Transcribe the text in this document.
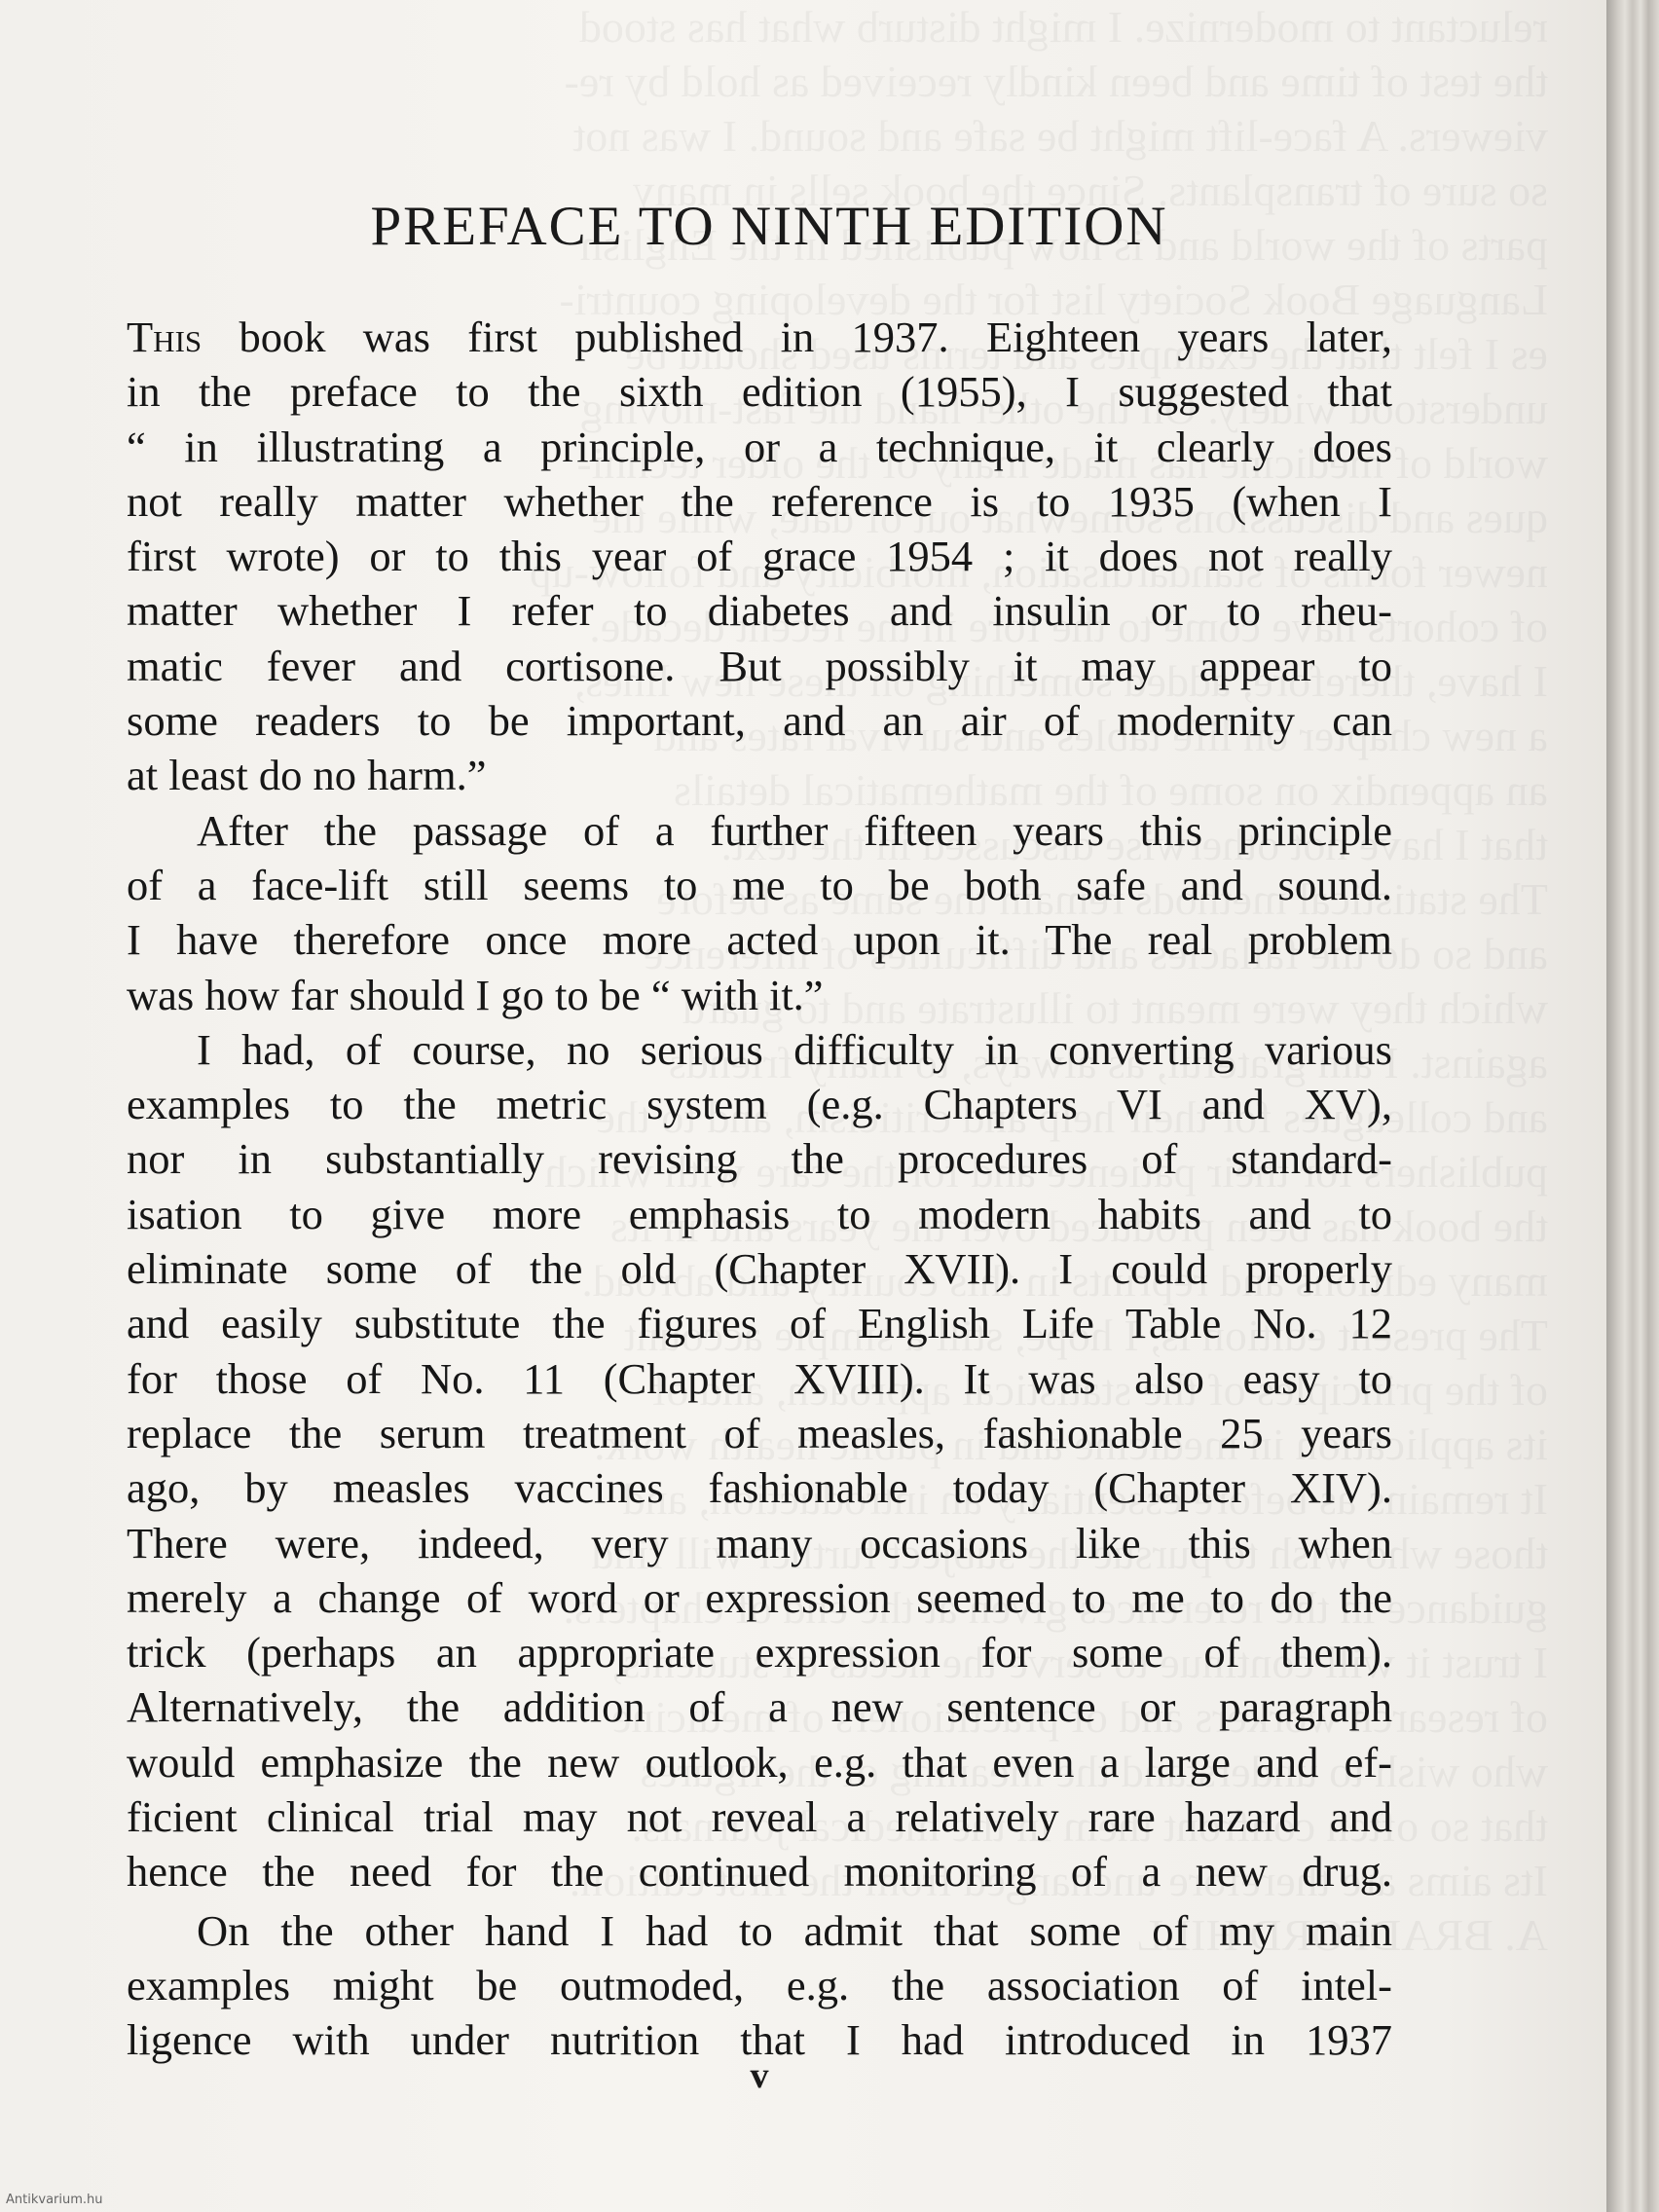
PREFACE TO NINTH EDITION

This book was first published in 1937. Eighteen years later,
in the preface to the sixth edition (1955), I suggested that
“ in illustrating a principle, or a technique, it clearly does
not really matter whether the reference is to 1935 (when I
first wrote) or to this year of grace 1954 ; it does not really
matter whether I refer to diabetes and insulin or to rheu-
matic fever and cortisone. But possibly it may appear to
some readers to be important, and an air of modernity can
at least do no harm.”

After the passage of a further fifteen years this principle
of a face-lift still seems to me to be both safe and sound.
I have therefore once more acted upon it. The real problem
was how far should I go to be “ with it.”

I had, of course, no serious difficulty in converting various
examples to the metric system (e.g. Chapters VI and XV),
nor in substantially revising the procedures of standard-
isation to give more emphasis to modern habits and to
eliminate some of the old (Chapter XVII). I could properly
and easily substitute the figures of English Life Table No. 12
for those of No. 11 (Chapter XVIII). It was also easy to
replace the serum treatment of measles, fashionable 25 years
ago, by measles vaccines fashionable today (Chapter XIV).
There were, indeed, very many occasions like this when
merely a change of word or expression seemed to me to do the
trick (perhaps an appropriate expression for some of them).
Alternatively, the addition of a new sentence or paragraph
would emphasize the new outlook, e.g. that even a large and ef-
ficient clinical trial may not reveal a relatively rare hazard and
hence the need for the continued monitoring of a new drug.

On the other hand I had to admit that some of my main
examples might be outmoded, e.g. the association of intel-
ligence with under nutrition that I had introduced in 1937

v
Antikvarium.hu
